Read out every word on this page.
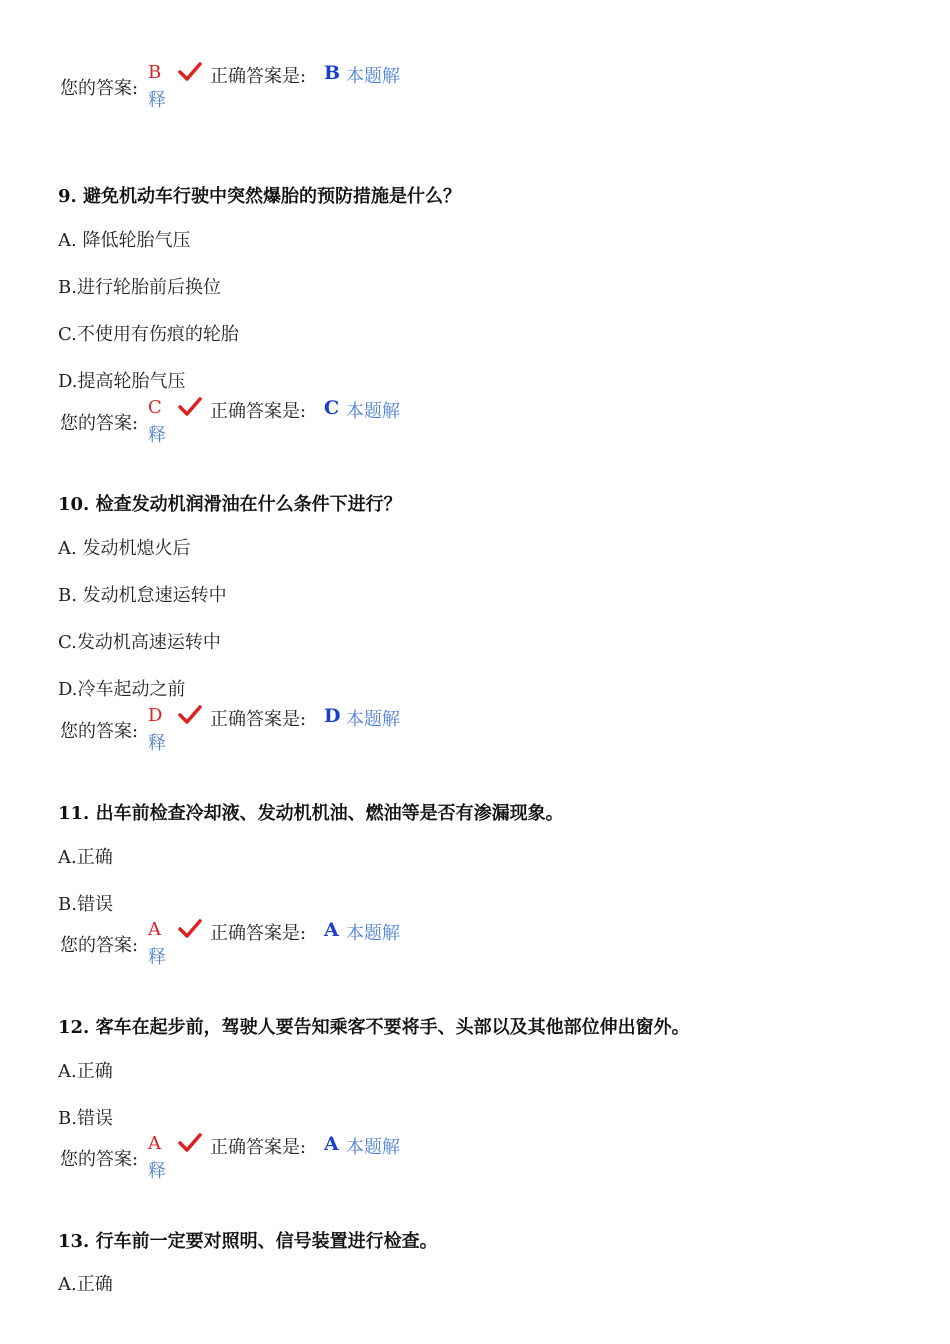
您的答案:
B	正确答案是: B 本题解
释
9. 避免机动车行驶中突然爆胎的预防措施是什么？
A. 降低轮胎气压
B.进行轮胎前后换位
C.不使用有伤痕的轮胎
D.提高轮胎气压
您的答案:
C	正确答案是: C 本题解
释
10. 检查发动机润滑油在什么条件下进行？
A. 发动机熄火后
B. 发动机怠速运转中
C.发动机高速运转中
D.冷车起动之前
您的答案:
D	正确答案是: D 本题解
释
11. 出车前检查冷却液、发动机机油、燃油等是否有渗漏现象。
A.正确
B.错误
您的答案:
A	正确答案是: A 本题解
释
12. 客车在起步前，驾驶人要告知乘客不要将手、头部以及其他部位伸出窗外。
A.正确
B.错误
您的答案:
A	正确答案是: A 本题解
释
13. 行车前一定要对照明、信号装置进行检查。
A.正确
